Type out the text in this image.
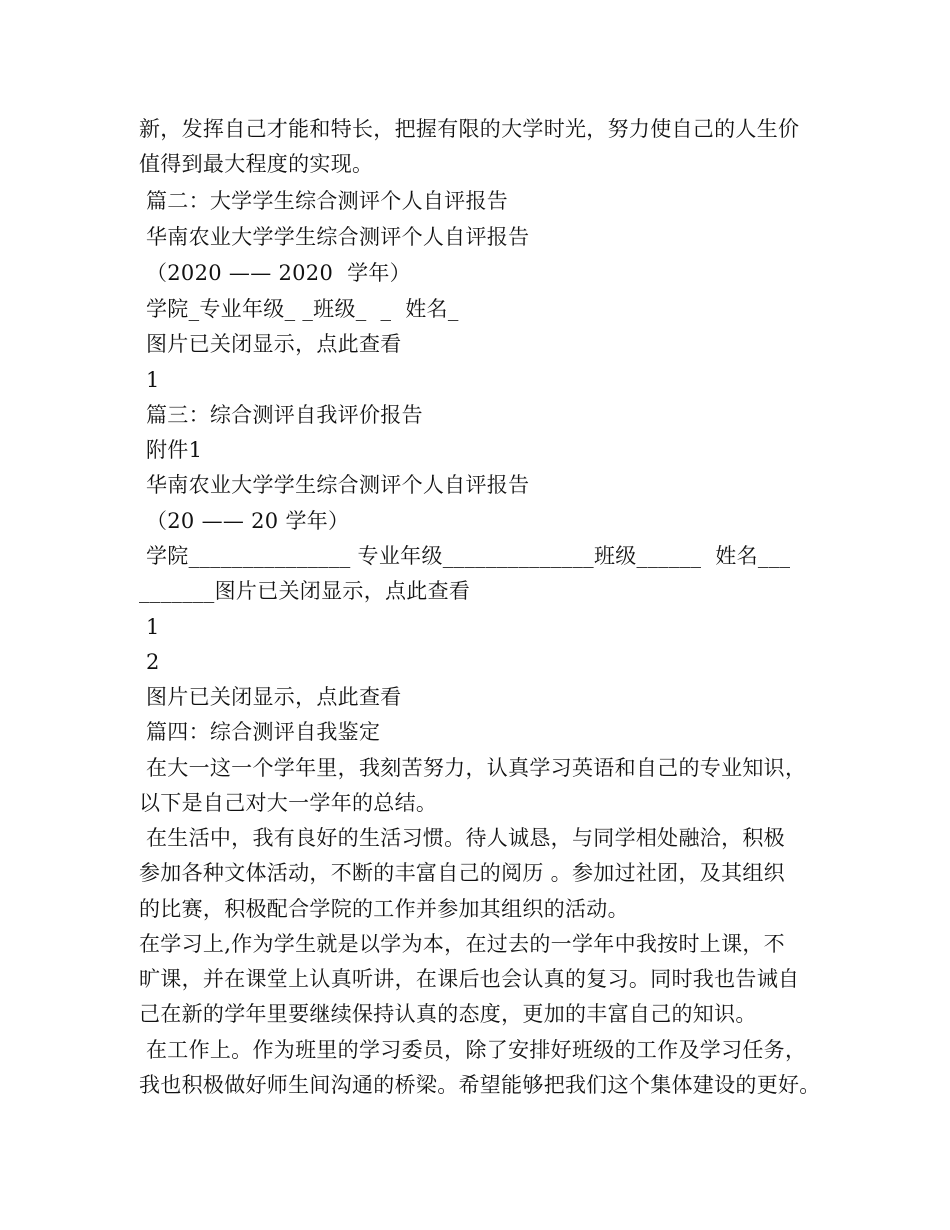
新，发挥自己才能和特长，把握有限的大学时光，努力使自己的人生价
值得到最大程度的实现。
篇二：大学学生综合测评个人自评报告
华南农业大学学生综合测评个人自评报告
（2020 —— 2020  学年）
学院_专业年级_ _班级_  _  姓名_
图片已关闭显示，点此查看
1
篇三：综合测评自我评价报告
附件1
华南农业大学学生综合测评个人自评报告
（20 —— 20 学年）
学院_______________ 专业年级______________班级______  姓名___
_______图片已关闭显示，点此查看
1
2
图片已关闭显示，点此查看
篇四：综合测评自我鉴定
在大一这一个学年里，我刻苦努力，认真学习英语和自己的专业知识，
以下是自己对大一学年的总结。
在生活中，我有良好的生活习惯。待人诚恳，与同学相处融洽，积极
参加各种文体活动，不断的丰富自己的阅历 。参加过社团，及其组织
的比赛，积极配合学院的工作并参加其组织的活动。
在学习上,作为学生就是以学为本，在过去的一学年中我按时上课，不
旷课，并在课堂上认真听讲，在课后也会认真的复习。同时我也告诫自
己在新的学年里要继续保持认真的态度，更加的丰富自己的知识。
在工作上。作为班里的学习委员，除了安排好班级的工作及学习任务，
我也积极做好师生间沟通的桥梁。希望能够把我们这个集体建设的更好。
